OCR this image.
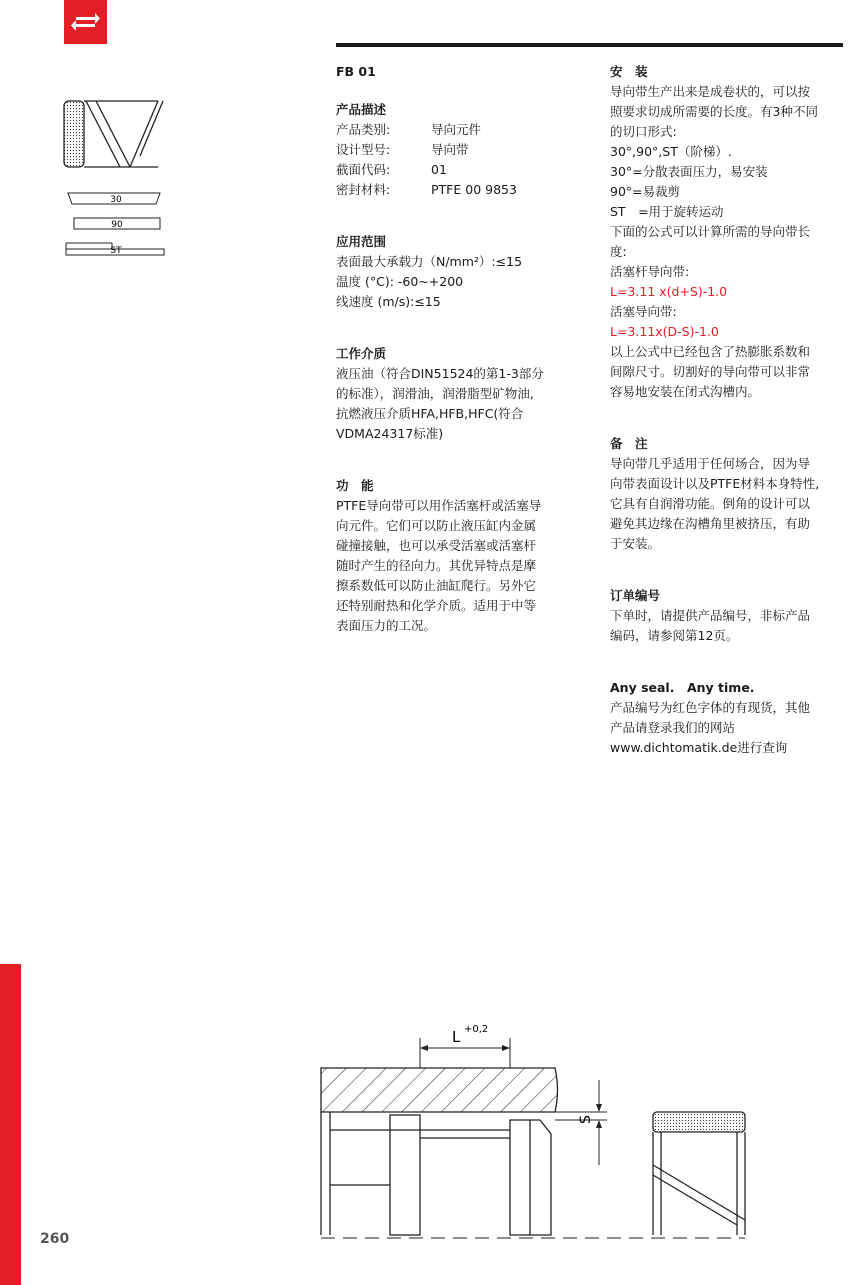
260
30
90
ST
FB 01
产品描述
产品类别:	导向元件
设计型号:	导向带
截面代码:	01
密封材料:	PTFE 00 9853
应用范围

表面最大承载力（N/mm²）:≤15

温度 (°C): -60~+200

线速度 (m/s):≤15

工作介质

液压油（符合DIN51524的第1-3部分

的标准），润滑油，润滑脂型矿物油,

抗燃液压介质HFA,HFB,HFC(符合

VDMA24317标准)

功　能

PTFE导向带可以用作活塞杆或活塞导

向元件。它们可以防止液压缸内金属

碰撞接触，也可以承受活塞或活塞杆

随时产生的径向力。其优异特点是摩

擦系数低可以防止油缸爬行。另外它

还特别耐热和化学介质。适用于中等

表面压力的工况。

安　装

导向带生产出来是成卷状的，可以按

照要求切成所需要的长度。有3种不同

的切口形式:

30°,90°,ST（阶梯）.

30°=分散表面压力，易安装

90°=易裁剪

ST　=用于旋转运动

下面的公式可以计算所需的导向带长

度:

活塞杆导向带:

L=3.11 x(d+S)-1.0

活塞导向带:

L=3.11x(D-S)-1.0

以上公式中已经包含了热膨胀系数和

间隙尺寸。切割好的导向带可以非常

容易地安装在闭式沟槽内。

备　注

导向带几乎适用于任何场合，因为导

向带表面设计以及PTFE材料本身特性,

它具有自润滑功能。倒角的设计可以

避免其边缘在沟槽角里被挤压，有助

于安装。

订单编号

下单时，请提供产品编号，非标产品

编码，请参阅第12页。

Any seal.　Any time.

产品编号为红色字体的有现货，其他

产品请登录我们的网站

www.dichtomatik.de进行查询

L +0,2
S
